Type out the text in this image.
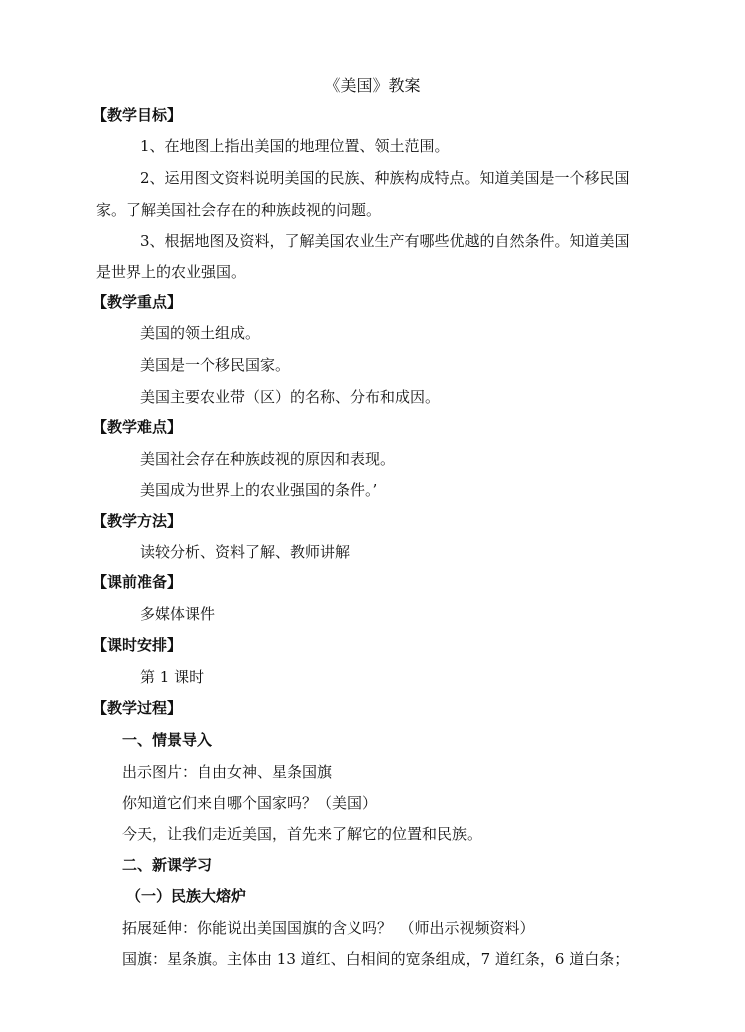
《美国》教案
【教学目标】
1、在地图上指出美国的地理位置、领土范围。
2、运用图文资料说明美国的民族、种族构成特点。知道美国是一个移民国
家。了解美国社会存在的种族歧视的问题。
3、根据地图及资料，了解美国农业生产有哪些优越的自然条件。知道美国
是世界上的农业强国。
【教学重点】
美国的领土组成。
美国是一个移民国家。
美国主要农业带（区）的名称、分布和成因。
【教学难点】
美国社会存在种族歧视的原因和表现。
美国成为世界上的农业强国的条件。’
【教学方法】
读较分析、资料了解、教师讲解
【课前准备】
多媒体课件
【课时安排】
第 1 课时
【教学过程】
一、情景导入
出示图片：自由女神、星条国旗
你知道它们来自哪个国家吗？（美国）
今天，让我们走近美国，首先来了解它的位置和民族。
二、新课学习
（一）民族大熔炉
拓展延伸：你能说出美国国旗的含义吗？　（师出示视频资料）
国旗：星条旗。主体由 13 道红、白相间的宽条组成，7 道红条，6 道白条；
